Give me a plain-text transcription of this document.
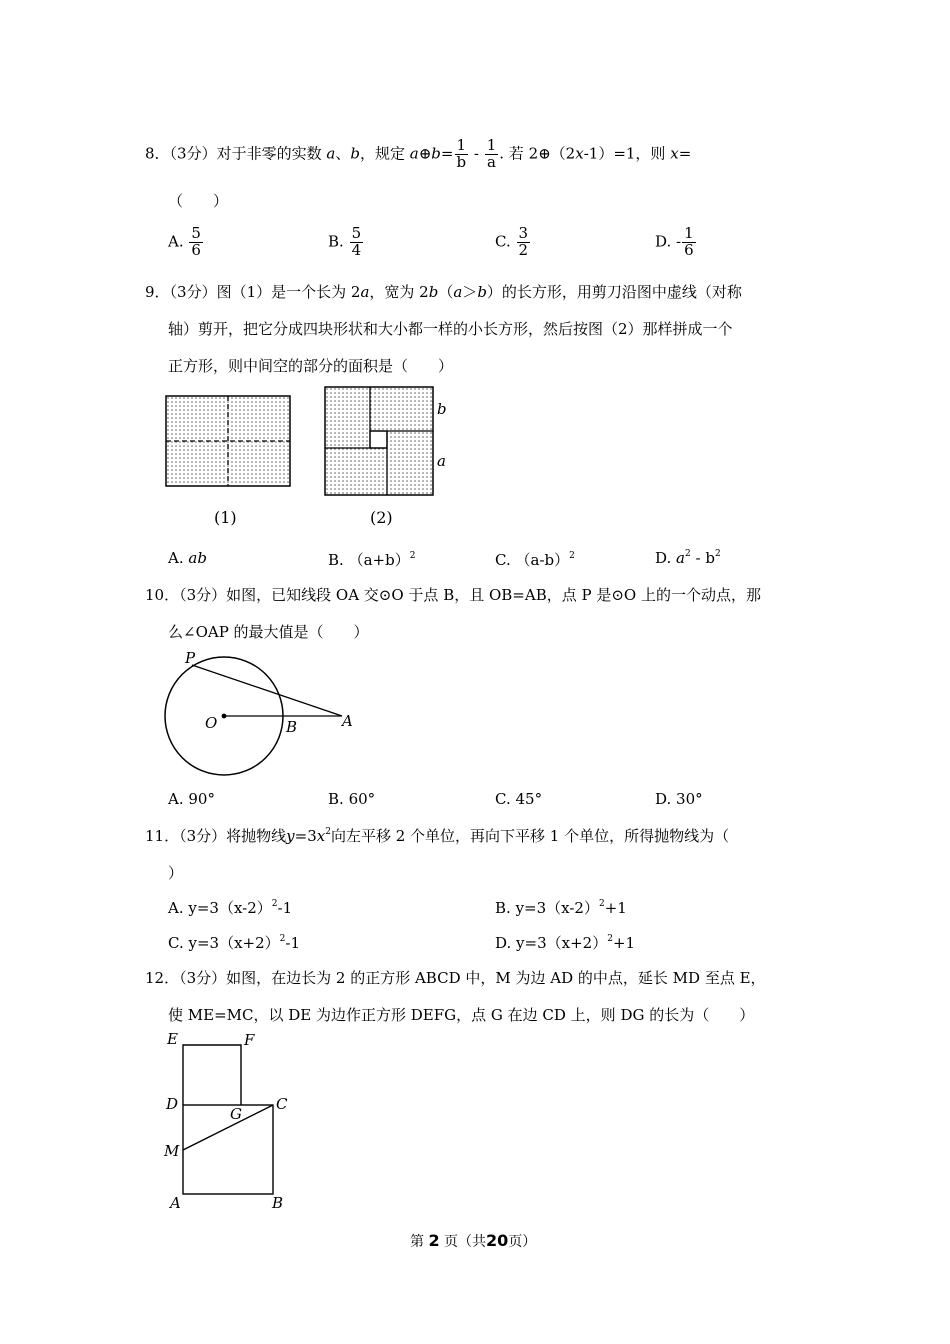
8．（3分）对于非零的实数 a、b，规定 a⊕b= $\frac{1}{b} - \frac{1}{a}$ . 若 2⊕（2x-1）=1，则 x=
（　　）
A. $\frac{5}{6}$	B. $\frac{5}{4}$	C. $\frac{3}{2}$	D. - $\frac{1}{6}$
9．（3分）图（1）是一个长为 2a，宽为 2b（a＞b）的长方形，用剪刀沿图中虚线（对称
轴）剪开，把它分成四块形状和大小都一样的小长方形，然后按图（2）那样拼成一个
正方形，则中间空的部分的面积是（　　）
(1)
b
a
(2)
A. ab	B. $(a+b)^2$	C. $(a-b)^2$	D. $a^2 - b^2$
10．（3分）如图，已知线段 OA 交⊙O 于点 B，且 OB=AB，点 P 是⊙O 上的一个动点，那
么∠OAP 的最大值是（　　）
P
O	B	A
A. 90°	B. 60°	C. 45°	D. 30°
11．（3分）将抛物线$y=3x^2$向左平移 2 个单位，再向下平移 1 个单位，所得抛物线为（
）
A. $y=3(x-2)^2-1$	B. $y=3(x-2)^2+1$
C. $y=3(x+2)^2-1$	D. $y=3(x+2)^2+1$
12．（3分）如图，在边长为 2 的正方形 ABCD 中，M 为边 AD 的中点，延长 MD 至点 E，
使 ME=MC，以 DE 为边作正方形 DEFG，点 G 在边 CD 上，则 DG 的长为（　　）
E	F
D
G
C
M
A	B
第 2 页（共20页）
